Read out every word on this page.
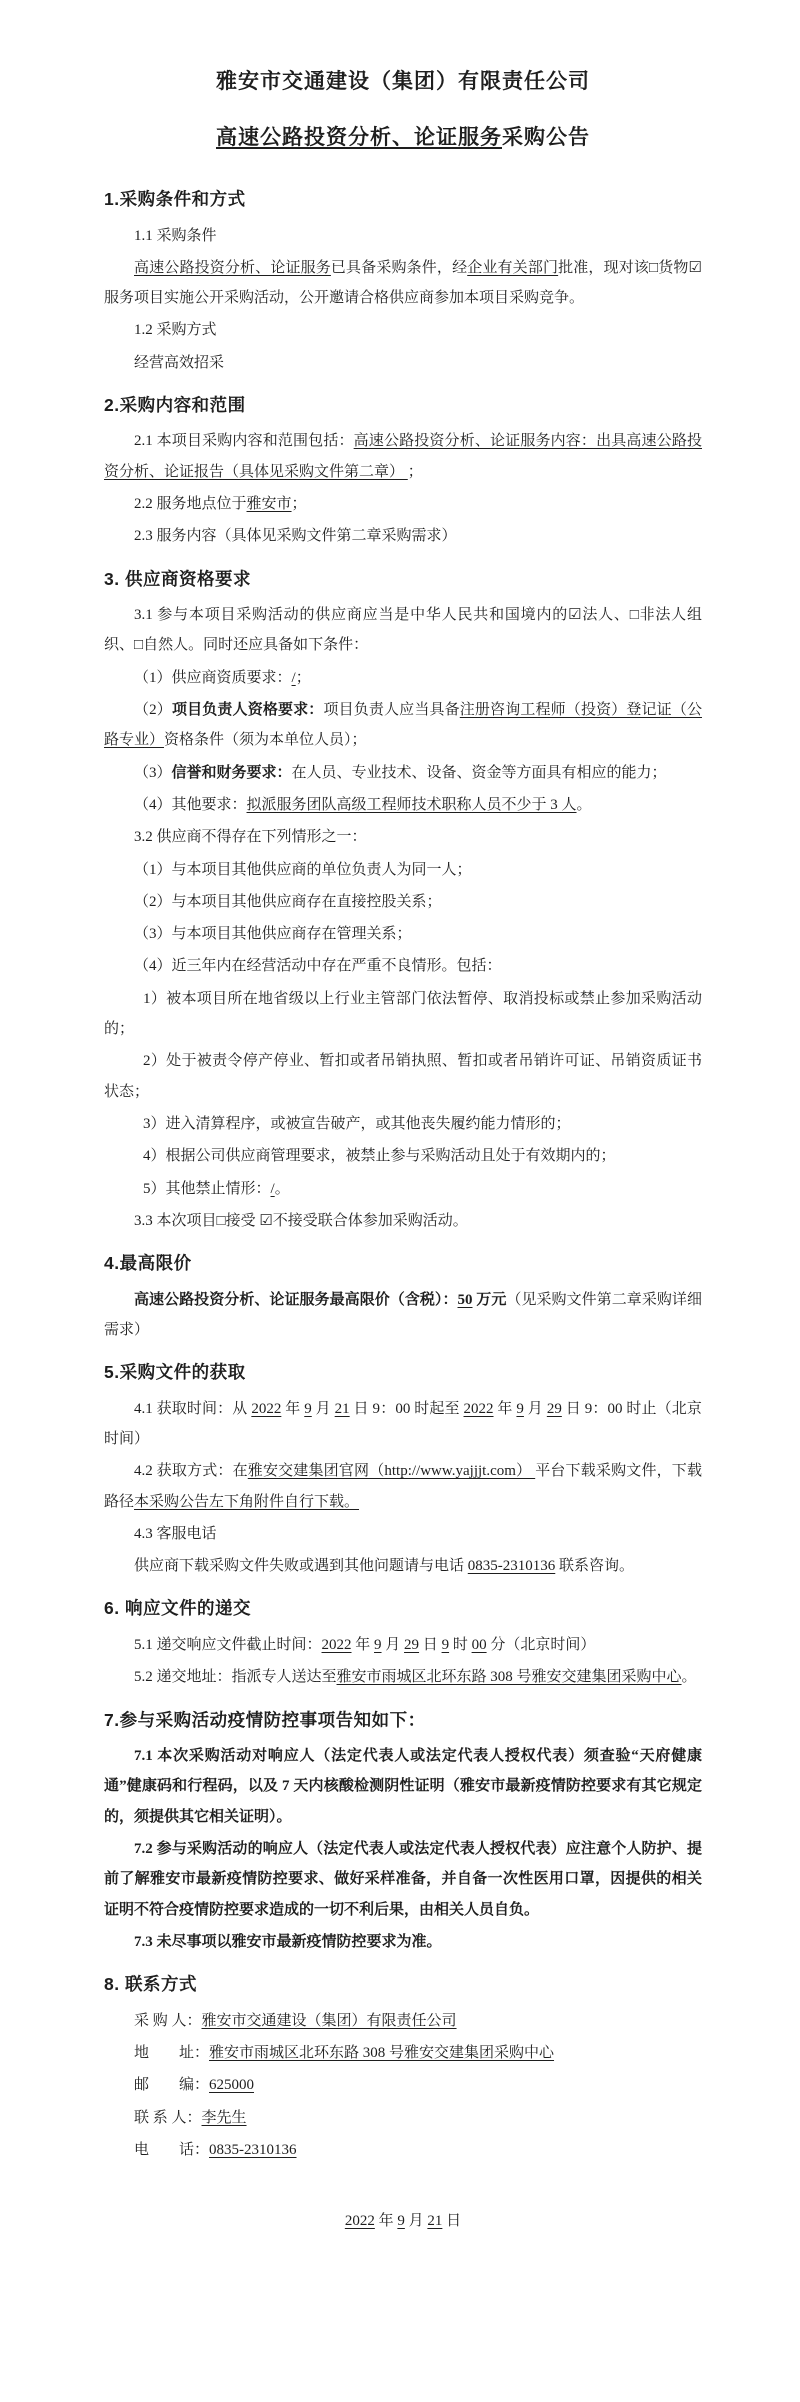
雅安市交通建设（集团）有限责任公司
高速公路投资分析、论证服务采购公告
1.采购条件和方式

1.1 采购条件

高速公路投资分析、论证服务已具备采购条件，经企业有关部门批准，现对该□货物☑服务项目实施公开采购活动，公开邀请合格供应商参加本项目采购竞争。

1.2 采购方式

经营高效招采

2.采购内容和范围

2.1 本项目采购内容和范围包括：高速公路投资分析、论证服务内容：出具高速公路投资分析、论证报告（具体见采购文件第二章） ；

2.2 服务地点位于雅安市；

2.3 服务内容（具体见采购文件第二章采购需求）

3. 供应商资格要求

3.1 参与本项目采购活动的供应商应当是中华人民共和国境内的☑法人、□非法人组织、□自然人。同时还应具备如下条件：

（1）供应商资质要求：/；

（2）项目负责人资格要求：项目负责人应当具备注册咨询工程师（投资）登记证（公路专业）资格条件（须为本单位人员）；

（3）信誉和财务要求：在人员、专业技术、设备、资金等方面具有相应的能力；

（4）其他要求：拟派服务团队高级工程师技术职称人员不少于 3 人。

3.2 供应商不得存在下列情形之一：

（1）与本项目其他供应商的单位负责人为同一人；

（2）与本项目其他供应商存在直接控股关系；

（3）与本项目其他供应商存在管理关系；

（4）近三年内在经营活动中存在严重不良情形。包括：

1）被本项目所在地省级以上行业主管部门依法暂停、取消投标或禁止参加采购活动的；

2）处于被责令停产停业、暂扣或者吊销执照、暂扣或者吊销许可证、吊销资质证书状态；

3）进入清算程序，或被宣告破产，或其他丧失履约能力情形的；

4）根据公司供应商管理要求，被禁止参与采购活动且处于有效期内的；

5）其他禁止情形：/。

3.3 本次项目□接受 ☑不接受联合体参加采购活动。

4.最高限价

高速公路投资分析、论证服务最高限价（含税）：50 万元（见采购文件第二章采购详细需求）

5.采购文件的获取

4.1 获取时间：从 2022 年 9 月 21 日 9：00 时起至 2022 年 9 月 29 日 9：00 时止（北京时间）

4.2 获取方式：在雅安交建集团官网（http://www.yajjjt.com） 平台下载采购文件，下载路径本采购公告左下角附件自行下载。

4.3 客服电话

供应商下载采购文件失败或遇到其他问题请与电话 0835-2310136 联系咨询。

6. 响应文件的递交

5.1 递交响应文件截止时间：2022 年 9 月 29 日 9 时 00 分（北京时间）

5.2 递交地址：指派专人送达至雅安市雨城区北环东路 308 号雅安交建集团采购中心。

7.参与采购活动疫情防控事项告知如下：

7.1 本次采购活动对响应人（法定代表人或法定代表人授权代表）须查验“天府健康通”健康码和行程码，以及 7 天内核酸检测阴性证明（雅安市最新疫情防控要求有其它规定的，须提供其它相关证明）。

7.2 参与采购活动的响应人（法定代表人或法定代表人授权代表）应注意个人防护、提前了解雅安市最新疫情防控要求、做好采样准备，并自备一次性医用口罩，因提供的相关证明不符合疫情防控要求造成的一切不利后果，由相关人员自负。

7.3 未尽事项以雅安市最新疫情防控要求为准。

8. 联系方式

采 购 人：雅安市交通建设（集团）有限责任公司

地　　址：雅安市雨城区北环东路 308 号雅安交建集团采购中心

邮　　编：625000

联 系 人：李先生

电　　话：0835-2310136

2022 年 9 月 21 日
